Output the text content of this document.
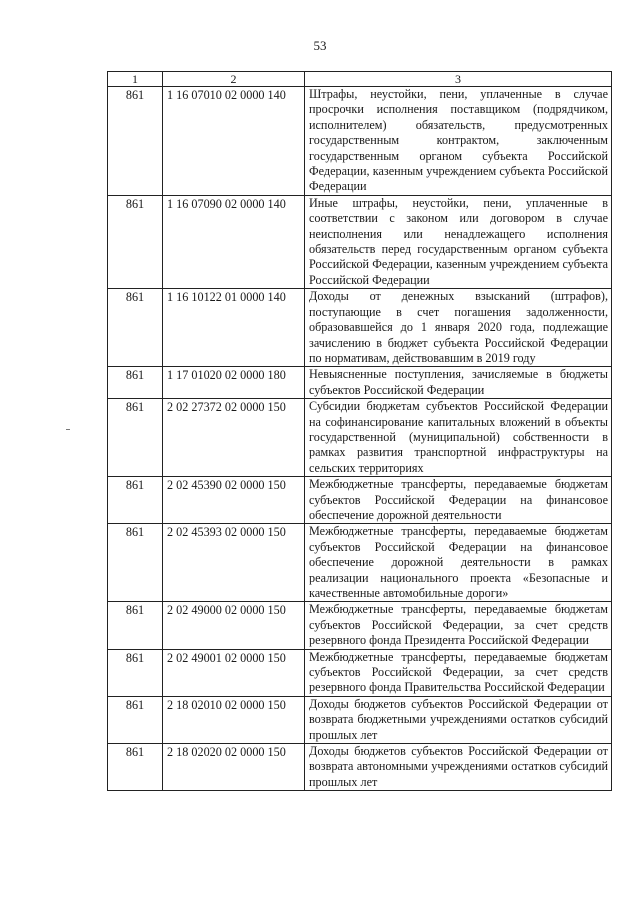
53
1	2	3
861	1 16 07010 02 0000 140	Штрафы, неустойки, пени, уплаченные в случае просрочки исполнения поставщиком (подрядчиком, исполнителем) обязательств, предусмотренных государственным контрактом, заключенным государственным органом субъекта Российской Федерации, казенным учреждением субъекта Российской Федерации
861	1 16 07090 02 0000 140	Иные штрафы, неустойки, пени, уплаченные в соответствии с законом или договором в случае неисполнения или ненадлежащего исполнения обязательств перед государственным органом субъекта Российской Федерации, казенным учреждением субъекта Российской Федерации
861	1 16 10122 01 0000 140	Доходы от денежных взысканий (штрафов), поступающие в счет погашения задолженности, образовавшейся до 1 января 2020 года, подлежащие зачислению в бюджет субъекта Российской Федерации по нормативам, действовавшим в 2019 году
861	1 17 01020 02 0000 180	Невыясненные поступления, зачисляемые в бюджеты субъектов Российской Федерации
861	2 02 27372 02 0000 150	Субсидии бюджетам субъектов Российской Федерации на софинансирование капитальных вложений в объекты государственной (муниципальной) собственности в рамках развития транспортной инфраструктуры на сельских территориях
861	2 02 45390 02 0000 150	Межбюджетные трансферты, передаваемые бюджетам субъектов Российской Федерации на финансовое обеспечение дорожной деятельности
861	2 02 45393 02 0000 150	Межбюджетные трансферты, передаваемые бюджетам субъектов Российской Федерации на финансовое обеспечение дорожной деятельности в рамках реализации национального проекта «Безопасные и качественные автомобильные дороги»
861	2 02 49000 02 0000 150	Межбюджетные трансферты, передаваемые бюджетам субъектов Российской Федерации, за счет средств резервного фонда Президента Российской Федерации
861	2 02 49001 02 0000 150	Межбюджетные трансферты, передаваемые бюджетам субъектов Российской Федерации, за счет средств резервного фонда Правительства Российской Федерации
861	2 18 02010 02 0000 150	Доходы бюджетов субъектов Российской Федерации от возврата бюджетными учреждениями остатков субсидий прошлых лет
861	2 18 02020 02 0000 150	Доходы бюджетов субъектов Российской Федерации от возврата автономными учреждениями остатков субсидий прошлых лет
